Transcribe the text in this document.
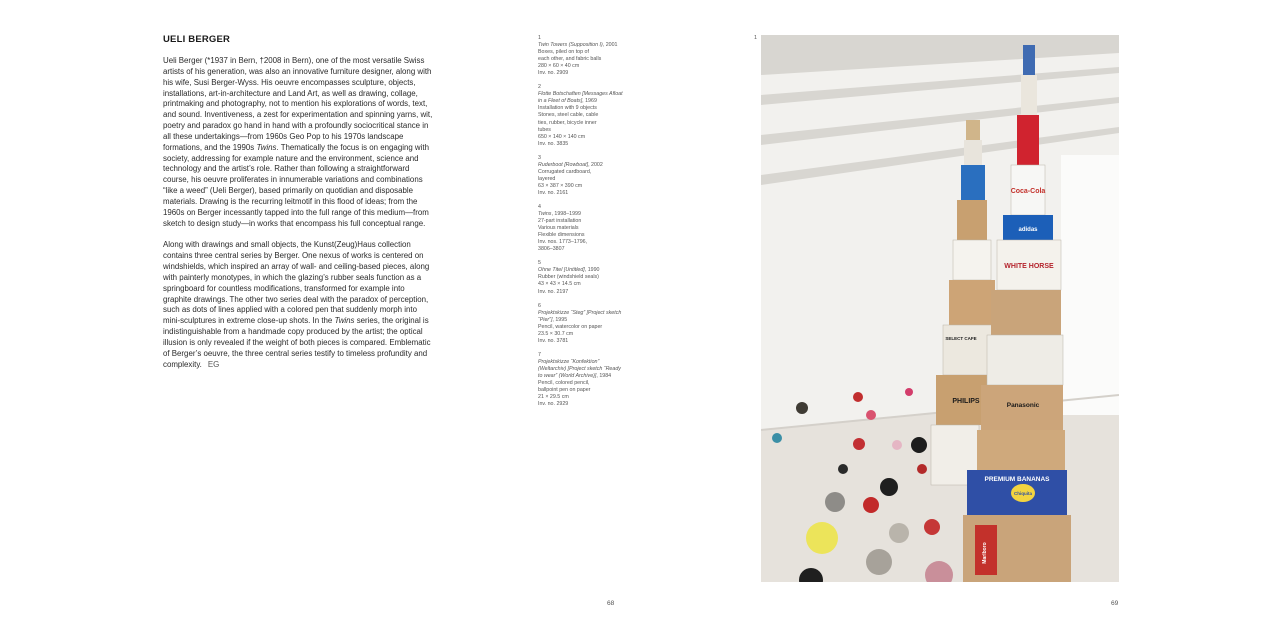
UELI BERGER

Ueli Berger (*1937 in Bern, †2008 in Bern), one of the most versatile Swiss artists of his generation, was also an innovative furniture designer, along with his wife, Susi Berger-Wyss. His oeuvre encompasses sculpture, objects, installations, art-in-architecture and Land Art, as well as drawing, collage, printmaking and photography, not to mention his explorations of words, text, and sound. Inventiveness, a zest for experimentation and spinning yarns, wit, poetry and paradox go hand in hand with a profoundly sociocritical stance in all these undertakings—from 1960s Geo Pop to his 1970s landscape formations, and the 1990s Twins. Thematically the focus is on engaging with society, addressing for example nature and the environment, science and technology and the artist’s role. Rather than following a straightforward course, his oeuvre proliferates in innumerable variations and combinations “like a weed” (Ueli Berger), based primarily on quotidian and disposable materials. Drawing is the recurring leitmotif in this flood of ideas; from the 1960s on Berger incessantly tapped into the full range of this medium—from sketch to design study—in works that encompass his full conceptual range.

Along with drawings and small objects, the Kunst(Zeug)Haus collection contains three central series by Berger. One nexus of works is centered on windshields, which inspired an array of wall- and ceiling-based pieces, along with painterly monotypes, in which the glazing’s rubber seals function as a springboard for countless modifications, transformed for example into graphite drawings. The other two series deal with the paradox of perception, such as dots of lines applied with a colored pen that suddenly morph into mini-sculptures in extreme close-up shots. In the Twins series, the original is indistinguishable from a handmade copy produced by the artist; the optical illusion is only revealed if the weight of both pieces is compared. Emblematic of Berger’s oeuvre, the three central series testify to timeless profundity and complexity. EG

1
Twin Towers (Supposition I), 2001
Boxes, piled on top of
each other, and fabric balls
280 × 60 × 40 cm
Inv. no. 2909
2
Flotte Botschaften [Messages Afloat in a Fleet of Boats], 1969
Installation with 9 objects
Stones, steel cable, cable
ties, rubber, bicycle inner
tubes
650 × 140 × 140 cm
Inv. no. 3835
3
Ruderboot [Rowboat], 2002
Corrugated cardboard,
layered
63 × 387 × 390 cm
Inv. no. 2161
4
Twins, 1998–1999
27-part installation
Various materials
Flexible dimensions
Inv. nos. 1773–1796,
3806–3807
5
Ohne Titel [Untitled], 1990
Rubber (windshield seals)
43 × 43 × 14.5 cm
Inv. no. 2197
6
Projektskizze “Steg” [Project sketch “Pier”], 1995
Pencil, watercolor on paper
23.5 × 30.7 cm
Inv. no. 3781
7
Projektskizze “Konfektion” (Weltarchiv) [Project sketch “Ready to wear” (World Archive)], 1984
Pencil, colored pencil,
ballpoint pen on paper
21 × 29.5 cm
Inv. no. 2929
68
1
Coca-Cola
adidas
WHITE HORSE
PHILIPS
Panasonic
PREMIUM BANANAS
Chiquita
Marlboro
SELECT CAFE
69
